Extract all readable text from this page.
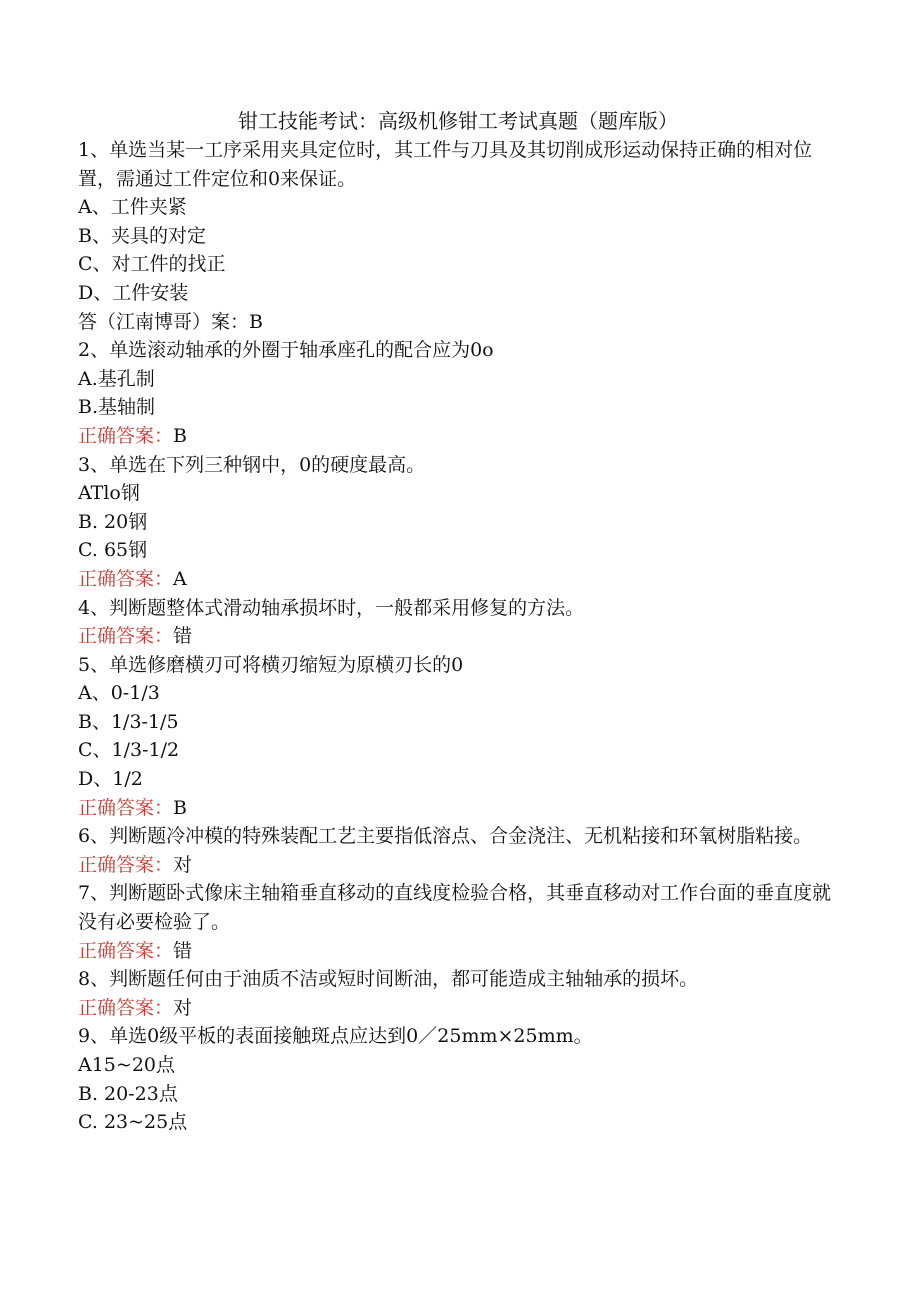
钳工技能考试：高级机修钳工考试真题（题库版）
1、单选当某一工序采用夹具定位时，其工件与刀具及其切削成形运动保持正确的相对位置，需通过工件定位和0来保证。
A、工件夹紧
B、夹具的对定
C、对工件的找正
D、工件安装
答（江南博哥）案：B
2、单选滚动轴承的外圈于轴承座孔的配合应为0o
A.基孔制
B.基轴制
正确答案：B
3、单选在下列三种钢中，0的硬度最高。
ATlo钢
B. 20钢
C. 65钢
正确答案：A
4、判断题整体式滑动轴承损坏时，一般都采用修复的方法。
正确答案：错
5、单选修磨横刃可将横刃缩短为原横刃长的0
A、0-1/3
B、1/3-1/5
C、1/3-1/2
D、1/2
正确答案：B
6、判断题冷冲模的特殊装配工艺主要指低溶点、合金浇注、无机粘接和环氧树脂粘接。
正确答案：对
7、判断题卧式像床主轴箱垂直移动的直线度检验合格，其垂直移动对工作台面的垂直度就没有必要检验了。
正确答案：错
8、判断题任何由于油质不洁或短时间断油，都可能造成主轴轴承的损坏。
正确答案：对
9、单选0级平板的表面接触斑点应达到0／25mm×25mm。
A15~20点
B. 20-23点
C. 23~25点
